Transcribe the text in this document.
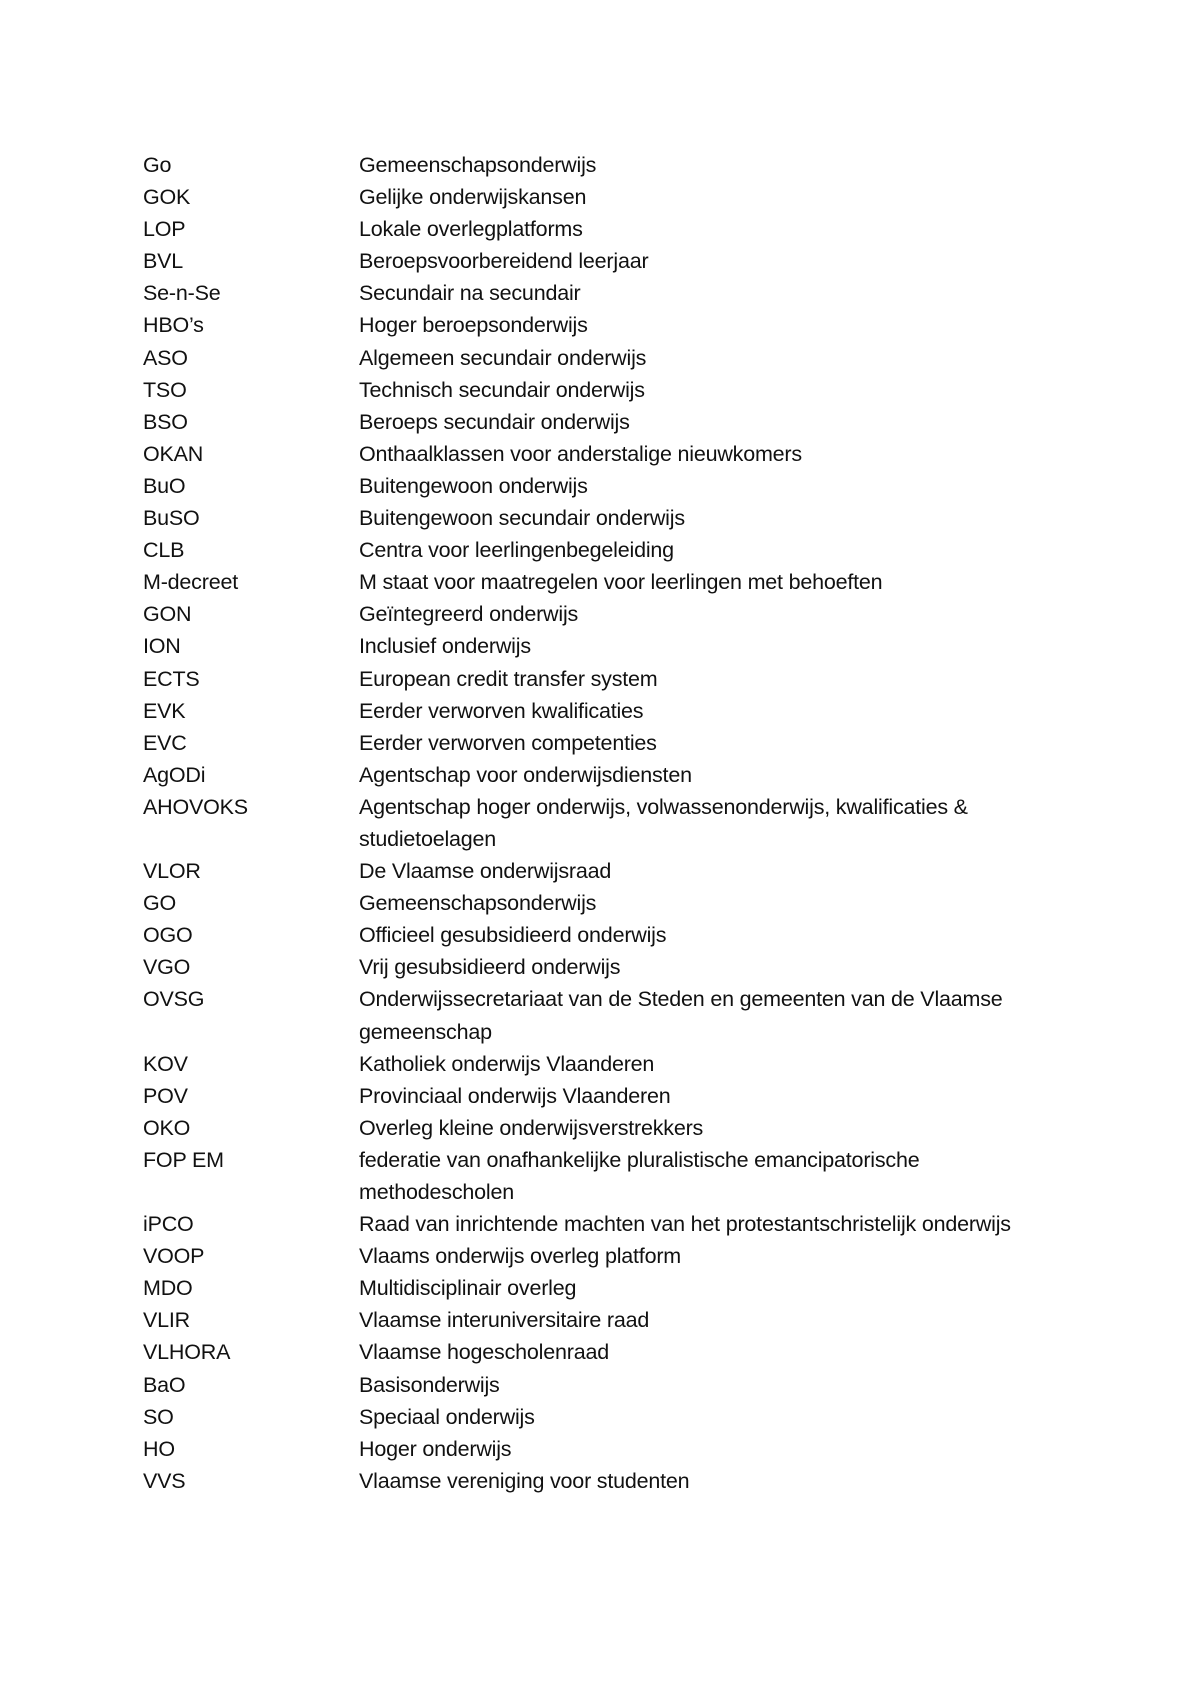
Go	Gemeenschapsonderwijs
GOK	Gelijke onderwijskansen
LOP	Lokale overlegplatforms
BVL	Beroepsvoorbereidend leerjaar
Se-n-Se	Secundair na secundair
HBO’s	Hoger beroepsonderwijs
ASO	Algemeen secundair onderwijs
TSO	Technisch secundair onderwijs
BSO	Beroeps secundair onderwijs
OKAN	Onthaalklassen voor anderstalige nieuwkomers
BuO	Buitengewoon onderwijs
BuSO	Buitengewoon secundair onderwijs
CLB	Centra voor leerlingenbegeleiding
M-decreet	M staat voor maatregelen voor leerlingen met behoeften
GON	Geïntegreerd onderwijs
ION	Inclusief onderwijs
ECTS	European credit transfer system
EVK	Eerder verworven kwalificaties
EVC	Eerder verworven competenties
AgODi	Agentschap voor onderwijsdiensten
AHOVOKS	Agentschap hoger onderwijs, volwassenonderwijs, kwalificaties & studietoelagen
VLOR	De Vlaamse onderwijsraad
GO	Gemeenschapsonderwijs
OGO	Officieel gesubsidieerd onderwijs
VGO	Vrij gesubsidieerd onderwijs
OVSG	Onderwijssecretariaat van de Steden en gemeenten van de Vlaamse gemeenschap
KOV	Katholiek onderwijs Vlaanderen
POV	Provinciaal onderwijs Vlaanderen
OKO	Overleg kleine onderwijsverstrekkers
FOP EM	federatie van onafhankelijke pluralistische emancipatorische methodescholen
iPCO	Raad van inrichtende machten van het protestantschristelijk onderwijs
VOOP	Vlaams onderwijs overleg platform
MDO	Multidisciplinair overleg
VLIR	Vlaamse interuniversitaire raad
VLHORA	Vlaamse hogescholenraad
BaO	Basisonderwijs
SO	Speciaal onderwijs
HO	Hoger onderwijs
VVS	Vlaamse vereniging voor studenten
